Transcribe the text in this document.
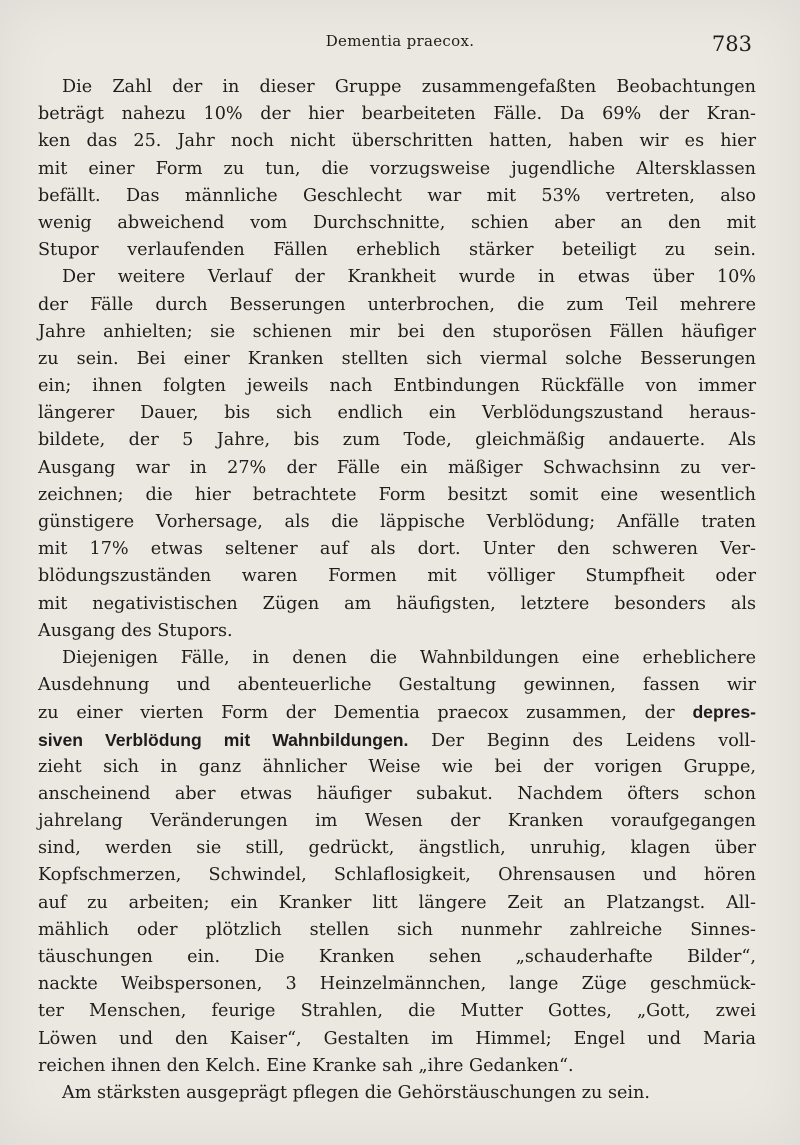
Dementia praecox.	783

Die Zahl der in dieser Gruppe zusammengefaßten Beobachtungen
beträgt nahezu 10% der hier bearbeiteten Fälle. Da 69% der Kran-
ken das 25. Jahr noch nicht überschritten hatten, haben wir es hier
mit einer Form zu tun, die vorzugsweise jugendliche Altersklassen
befällt. Das männliche Geschlecht war mit 53% vertreten, also
wenig abweichend vom Durchschnitte, schien aber an den mit
Stupor verlaufenden Fällen erheblich stärker beteiligt zu sein.

Der weitere Verlauf der Krankheit wurde in etwas über 10%
der Fälle durch Besserungen unterbrochen, die zum Teil mehrere
Jahre anhielten; sie schienen mir bei den stuporösen Fällen häufiger
zu sein. Bei einer Kranken stellten sich viermal solche Besserungen
ein; ihnen folgten jeweils nach Entbindungen Rückfälle von immer
längerer Dauer, bis sich endlich ein Verblödungszustand heraus-
bildete, der 5 Jahre, bis zum Tode, gleichmäßig andauerte. Als
Ausgang war in 27% der Fälle ein mäßiger Schwachsinn zu ver-
zeichnen; die hier betrachtete Form besitzt somit eine wesentlich
günstigere Vorhersage, als die läppische Verblödung; Anfälle traten
mit 17% etwas seltener auf als dort. Unter den schweren Ver-
blödungszuständen waren Formen mit völliger Stumpfheit oder
mit negativistischen Zügen am häufigsten, letztere besonders als
Ausgang des Stupors.

Diejenigen Fälle, in denen die Wahnbildungen eine erheblichere
Ausdehnung und abenteuerliche Gestaltung gewinnen, fassen wir
zu einer vierten Form der Dementia praecox zusammen, der depres-
siven Verblödung mit Wahnbildungen. Der Beginn des Leidens voll-
zieht sich in ganz ähnlicher Weise wie bei der vorigen Gruppe,
anscheinend aber etwas häufiger subakut. Nachdem öfters schon
jahrelang Veränderungen im Wesen der Kranken voraufgegangen
sind, werden sie still, gedrückt, ängstlich, unruhig, klagen über
Kopfschmerzen, Schwindel, Schlaflosigkeit, Ohrensausen und hören
auf zu arbeiten; ein Kranker litt längere Zeit an Platzangst. All-
mählich oder plötzlich stellen sich nunmehr zahlreiche Sinnes-
täuschungen ein. Die Kranken sehen „schauderhafte Bilder“,
nackte Weibspersonen, 3 Heinzelmännchen, lange Züge geschmück-
ter Menschen, feurige Strahlen, die Mutter Gottes, „Gott, zwei
Löwen und den Kaiser“, Gestalten im Himmel; Engel und Maria
reichen ihnen den Kelch. Eine Kranke sah „ihre Gedanken“.

Am stärksten ausgeprägt pflegen die Gehörstäuschungen zu sein.
